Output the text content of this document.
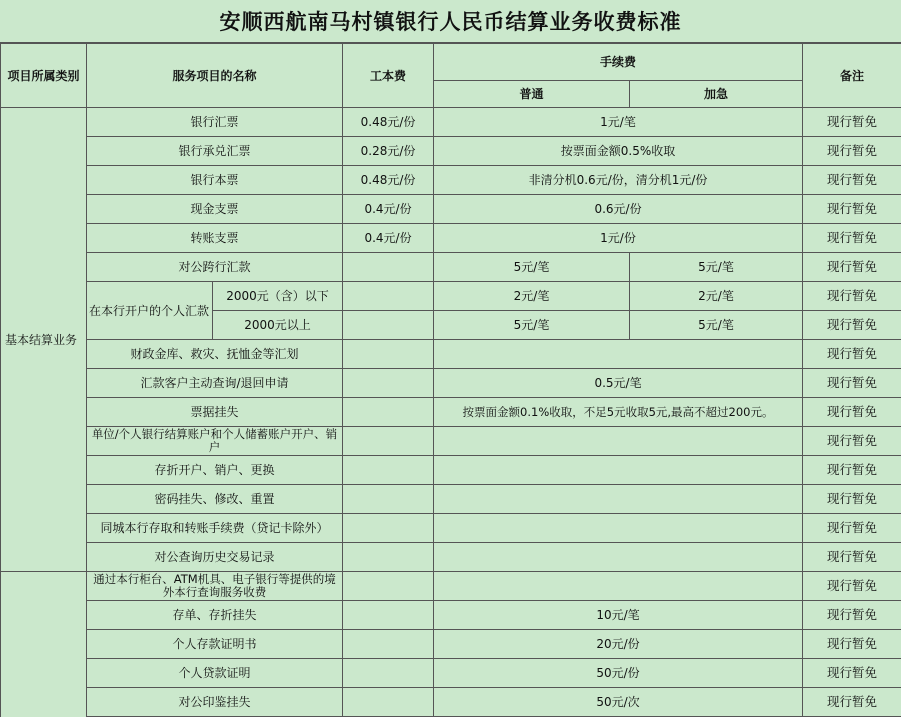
安顺西航南马村镇银行人民币结算业务收费标准
项目所属类别	服务项目的名称		工本费	手续费		备注
				普通	加急	
基本结算业务	银行汇票		0.48元/份	1元/笔		现行暂免
	银行承兑汇票		0.28元/份	按票面金额0.5%收取		现行暂免
	银行本票		0.48元/份	非清分机0.6元/份，清分机1元/份		现行暂免
	现金支票		0.4元/份	0.6元/份		现行暂免
	转账支票		0.4元/份	1元/份		现行暂免
	对公跨行汇款			5元/笔	5元/笔	现行暂免
	在本行开户的个人汇款	2000元（含）以下		2元/笔	2元/笔	现行暂免
		2000元以上		5元/笔	5元/笔	现行暂免
	财政金库、救灾、抚恤金等汇划					现行暂免
	汇款客户主动查询/退回申请			0.5元/笔		现行暂免
	票据挂失			按票面金额0.1%收取，不足5元收取5元,最高不超过200元。		现行暂免
	单位/个人银行结算账户和个人储蓄账户开户、销户					现行暂免
	存折开户、销户、更换					现行暂免
	密码挂失、修改、重置					现行暂免
	同城本行存取和转账手续费（贷记卡除外）					现行暂免
	对公查询历史交易记录					现行暂免
	通过本行柜台、ATM机具、电子银行等提供的境外本行查询服务收费					现行暂免
	存单、存折挂失			10元/笔		现行暂免
	个人存款证明书			20元/份		现行暂免
	个人贷款证明			50元/份		现行暂免
	对公印鉴挂失			50元/次		现行暂免
